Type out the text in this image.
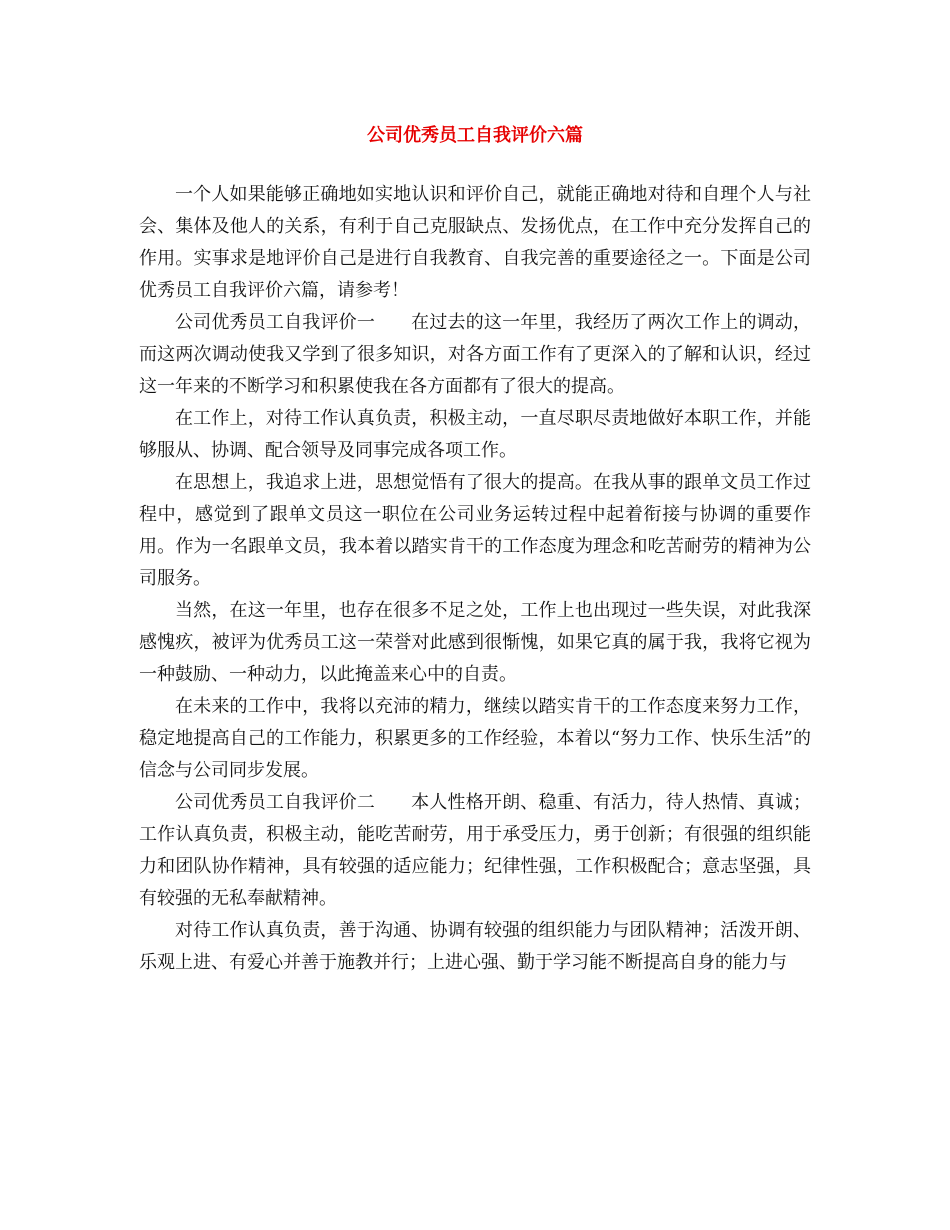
公司优秀员工自我评价六篇

一个人如果能够正确地如实地认识和评价自己，就能正确地对待和自理个人与社会、集体及他人的关系，有利于自己克服缺点、发扬优点，在工作中充分发挥自己的作用。实事求是地评价自己是进行自我教育、自我完善的重要途径之一。下面是公司优秀员工自我评价六篇，请参考！

公司优秀员工自我评价一 在过去的这一年里，我经历了两次工作上的调动，而这两次调动使我又学到了很多知识，对各方面工作有了更深入的了解和认识，经过这一年来的不断学习和积累使我在各方面都有了很大的提高。

在工作上，对待工作认真负责，积极主动，一直尽职尽责地做好本职工作，并能够服从、协调、配合领导及同事完成各项工作。

在思想上，我追求上进，思想觉悟有了很大的提高。在我从事的跟单文员工作过程中，感觉到了跟单文员这一职位在公司业务运转过程中起着衔接与协调的重要作用。作为一名跟单文员，我本着以踏实肯干的工作态度为理念和吃苦耐劳的精神为公司服务。

当然，在这一年里，也存在很多不足之处，工作上也出现过一些失误，对此我深感愧疚，被评为优秀员工这一荣誉对此感到很惭愧，如果它真的属于我，我将它视为一种鼓励、一种动力，以此掩盖来心中的自责。

在未来的工作中，我将以充沛的精力，继续以踏实肯干的工作态度来努力工作，稳定地提高自己的工作能力，积累更多的工作经验，本着以“努力工作、快乐生活”的信念与公司同步发展。

公司优秀员工自我评价二 本人性格开朗、稳重、有活力，待人热情、真诚；工作认真负责，积极主动，能吃苦耐劳，用于承受压力，勇于创新；有很强的组织能力和团队协作精神，具有较强的适应能力；纪律性强，工作积极配合；意志坚强，具有较强的无私奉献精神。

对待工作认真负责，善于沟通、协调有较强的组织能力与团队精神；活泼开朗、乐观上进、有爱心并善于施教并行；上进心强、勤于学习能不断提高自身的能力与
